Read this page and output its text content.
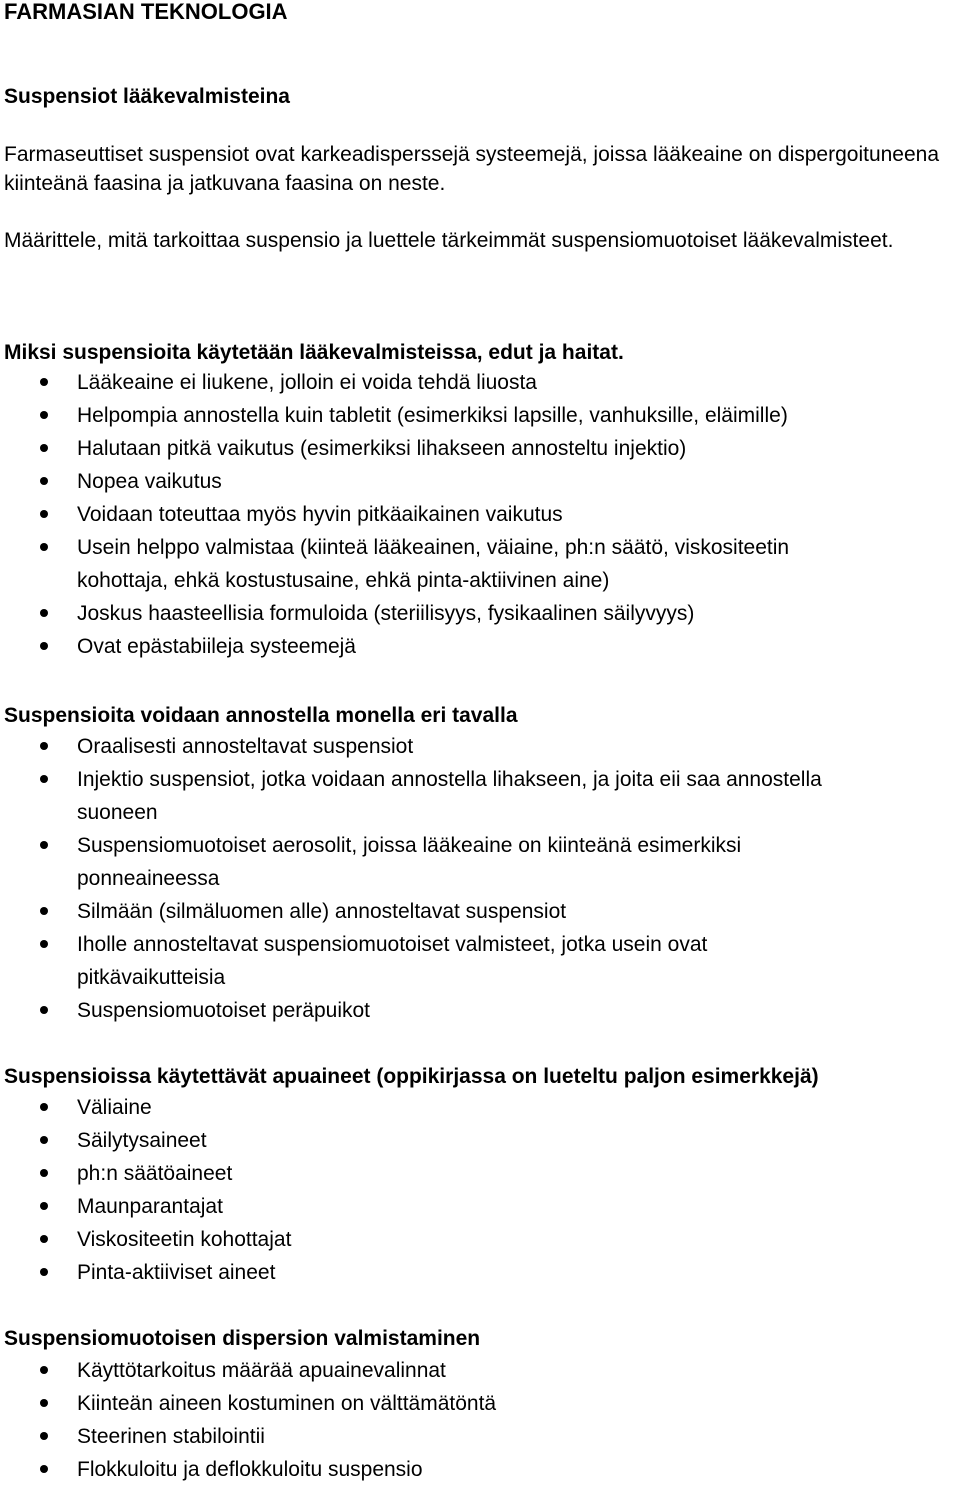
FARMASIAN TEKNOLOGIA
Suspensiot lääkevalmisteina
Farmaseuttiset suspensiot ovat karkeadisperssejä systeemejä, joissa lääkeaine on dispergoituneena kiinteänä faasina ja jatkuvana faasina on neste.
Määrittele, mitä tarkoittaa suspensio ja luettele tärkeimmät suspensiomuotoiset lääkevalmisteet.
Miksi suspensioita käytetään lääkevalmisteissa, edut ja haitat.
Lääkeaine ei liukene, jolloin ei voida tehdä liuosta
Helpompia annostella kuin tabletit (esimerkiksi lapsille, vanhuksille, eläimille)
Halutaan pitkä vaikutus (esimerkiksi lihakseen annosteltu injektio)
Nopea vaikutus
Voidaan toteuttaa myös hyvin pitkäaikainen vaikutus
Usein helppo valmistaa (kiinteä lääkeainen, väiaine, ph:n säätö, viskositeetin
kohottaja, ehkä kostustusaine, ehkä pinta-aktiivinen aine)
Joskus haasteellisia formuloida (steriilisyys, fysikaalinen säilyvyys)
Ovat epästabiileja systeemejä
Suspensioita voidaan annostella monella eri tavalla
Oraalisesti annosteltavat suspensiot
Injektio suspensiot, jotka voidaan annostella lihakseen, ja joita eii saa annostella
suoneen
Suspensiomuotoiset aerosolit, joissa lääkeaine on kiinteänä esimerkiksi
ponneaineessa
Silmään (silmäluomen alle) annosteltavat suspensiot
Iholle annosteltavat suspensiomuotoiset valmisteet, jotka usein ovat
pitkävaikutteisia
Suspensiomuotoiset peräpuikot
Suspensioissa käytettävät apuaineet (oppikirjassa on lueteltu paljon esimerkkejä)
Väliaine
Säilytysaineet
ph:n säätöaineet
Maunparantajat
Viskositeetin kohottajat
Pinta-aktiiviset aineet
Suspensiomuotoisen dispersion valmistaminen
Käyttötarkoitus määrää apuainevalinnat
Kiinteän aineen kostuminen on välttämätöntä
Steerinen stabilointii
Flokkuloitu ja deflokkuloitu suspensio
